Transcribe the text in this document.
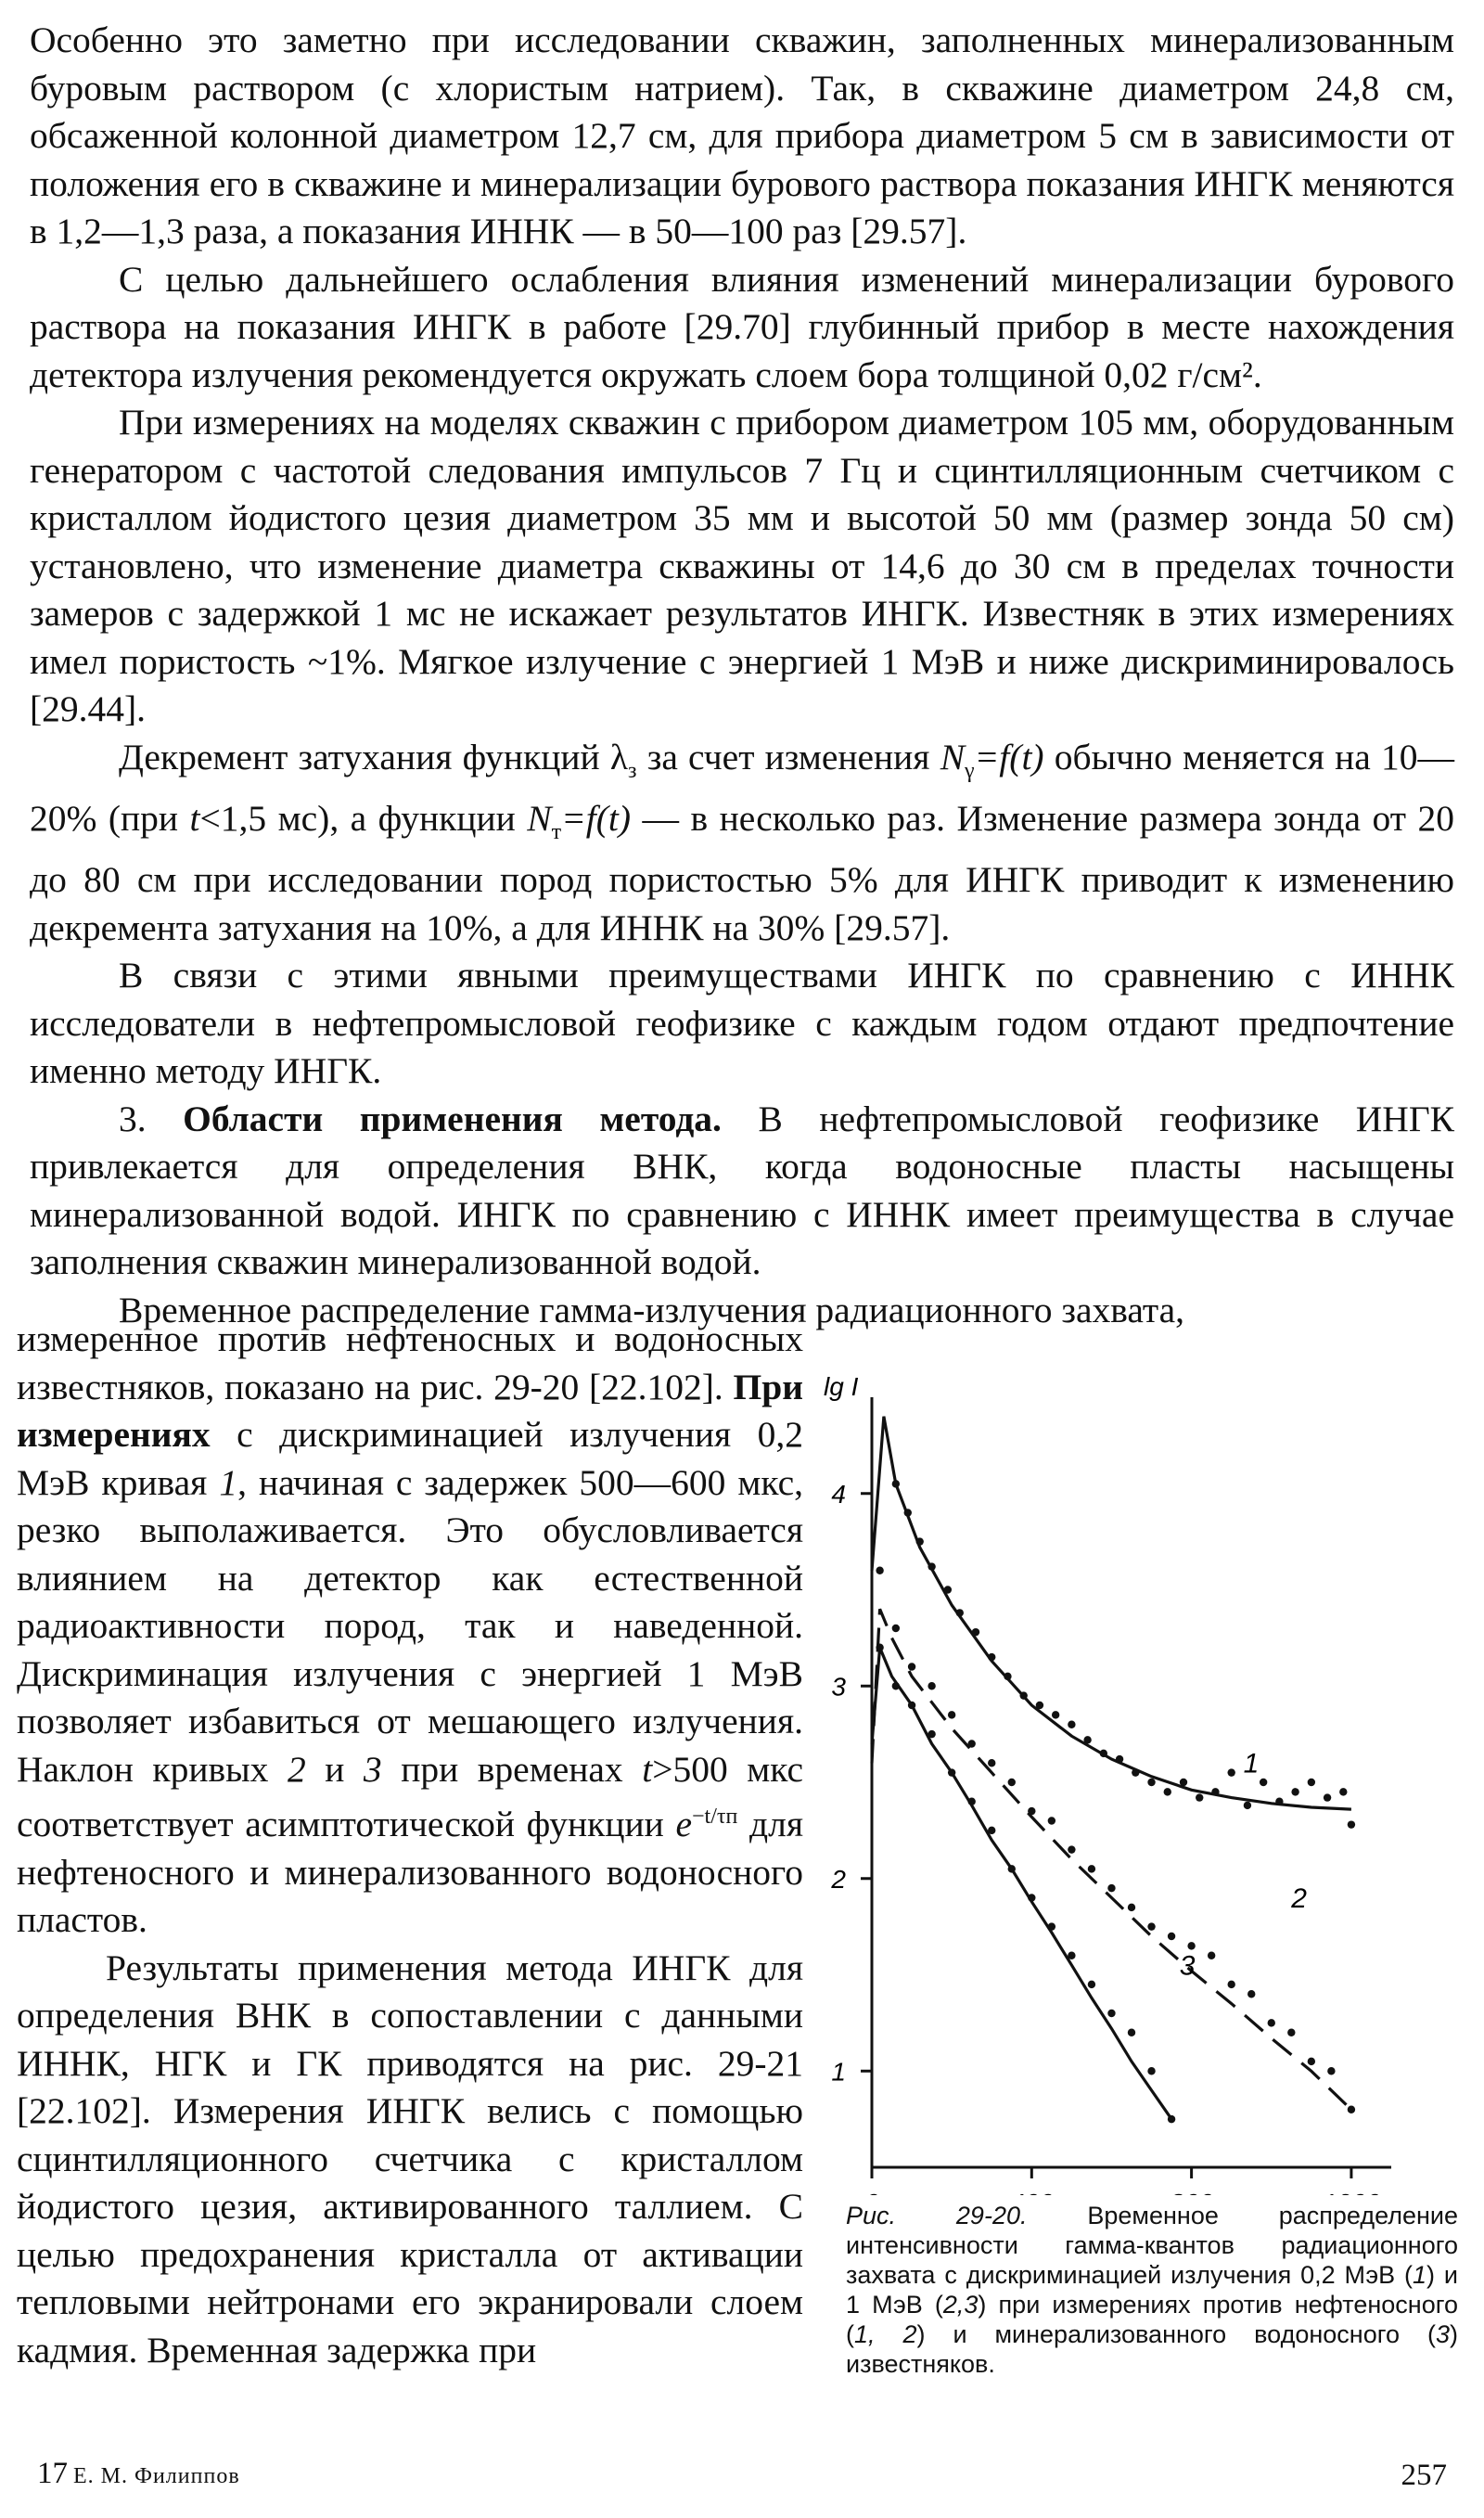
Особенно это заметно при исследовании скважин, заполненных минерализованным буровым раствором (с хлористым натрием). Так, в скважине диаметром 24,8 см, обсаженной колонной диаметром 12,7 см, для прибора диаметром 5 см в зависимости от положения его в скважине и минерализации бурового раствора показания ИНГК меняются в 1,2—1,3 раза, а показания ИННК — в 50—100 раз [29.57].

С целью дальнейшего ослабления влияния изменений минерализации бурового раствора на показания ИНГК в работе [29.70] глубинный прибор в месте нахождения детектора излучения рекомендуется окружать слоем бора толщиной 0,02 г/см².

При измерениях на моделях скважин с прибором диаметром 105 мм, оборудованным генератором с частотой следования импульсов 7 Гц и сцинтилляционным счетчиком с кристаллом йодистого цезия диаметром 35 мм и высотой 50 мм (размер зонда 50 см) установлено, что изменение диаметра скважины от 14,6 до 30 см в пределах точности замеров с задержкой 1 мс не искажает результатов ИНГК. Известняк в этих измерениях имел пористость ~1%. Мягкое излучение с энергией 1 МэВ и ниже дискриминировалось [29.44].

Декремент затухания функций $\lambda_з$ за счет изменения $N_\gamma=f(t)$ обычно меняется на 10—20% (при t<1,5 мс), а функции $N_т=f(t)$ — в несколько раз. Изменение размера зонда от 20 до 80 см при исследовании пород пористостью 5% для ИНГК приводит к изменению декремента затухания на 10%, а для ИННК на 30% [29.57].

В связи с этими явными преимуществами ИНГК по сравнению с ИННК исследователи в нефтепромысловой геофизике с каждым годом отдают предпочтение именно методу ИНГК.

3. Области применения метода. В нефтепромысловой геофизике ИНГК привлекается для определения ВНК, когда водоносные пласты насыщены минерализованной водой. ИНГК по сравнению с ИННК имеет преимущества в случае заполнения скважин минерализованной водой.

Временное распределение гамма-излучения радиационного захвата,

измеренное против нефтеносных и водоносных известняков, показано на рис. 29-20 [22.102]. При измерениях с дискриминацией излучения 0,2 МэВ кривая 1, начиная с задержек 500—600 мкс, резко выполаживается. Это обусловливается влиянием на детектор как естественной радиоактивности пород, так и наведенной. Дискриминация излучения с энергией 1 МэВ позволяет избавиться от мешающего излучения. Наклон кривых 2 и 3 при временах t>500 мкс соответствует асимптотической функции $e^{-t/\tau п}$ для нефтеносного и минерализованного водоносного пластов.

Результаты применения метода ИНГК для определения ВНК в сопоставлении с данными ИННК, НГК и ГК приводятся на рис. 29-21 [22.102]. Измерения ИНГК велись с помощью сцинтилляционного счетчика с кристаллом йодистого цезия, активированного таллием. С целью предохранения кристалла от активации тепловыми нейтронами его экранировали слоем кадмия. Временная задержка при

1
2
3
4
lg I
1
2
3
Рис. 29-20. Временное распределение интенсивности гамма-квантов радиационного захвата с дискриминацией излучения 0,2 МэВ (1) и 1 МэВ (2,3) при измерениях против нефтеносного (1, 2) и минерализованного водоносного (3) известняков.
17 Е. М. Филиппов	257
